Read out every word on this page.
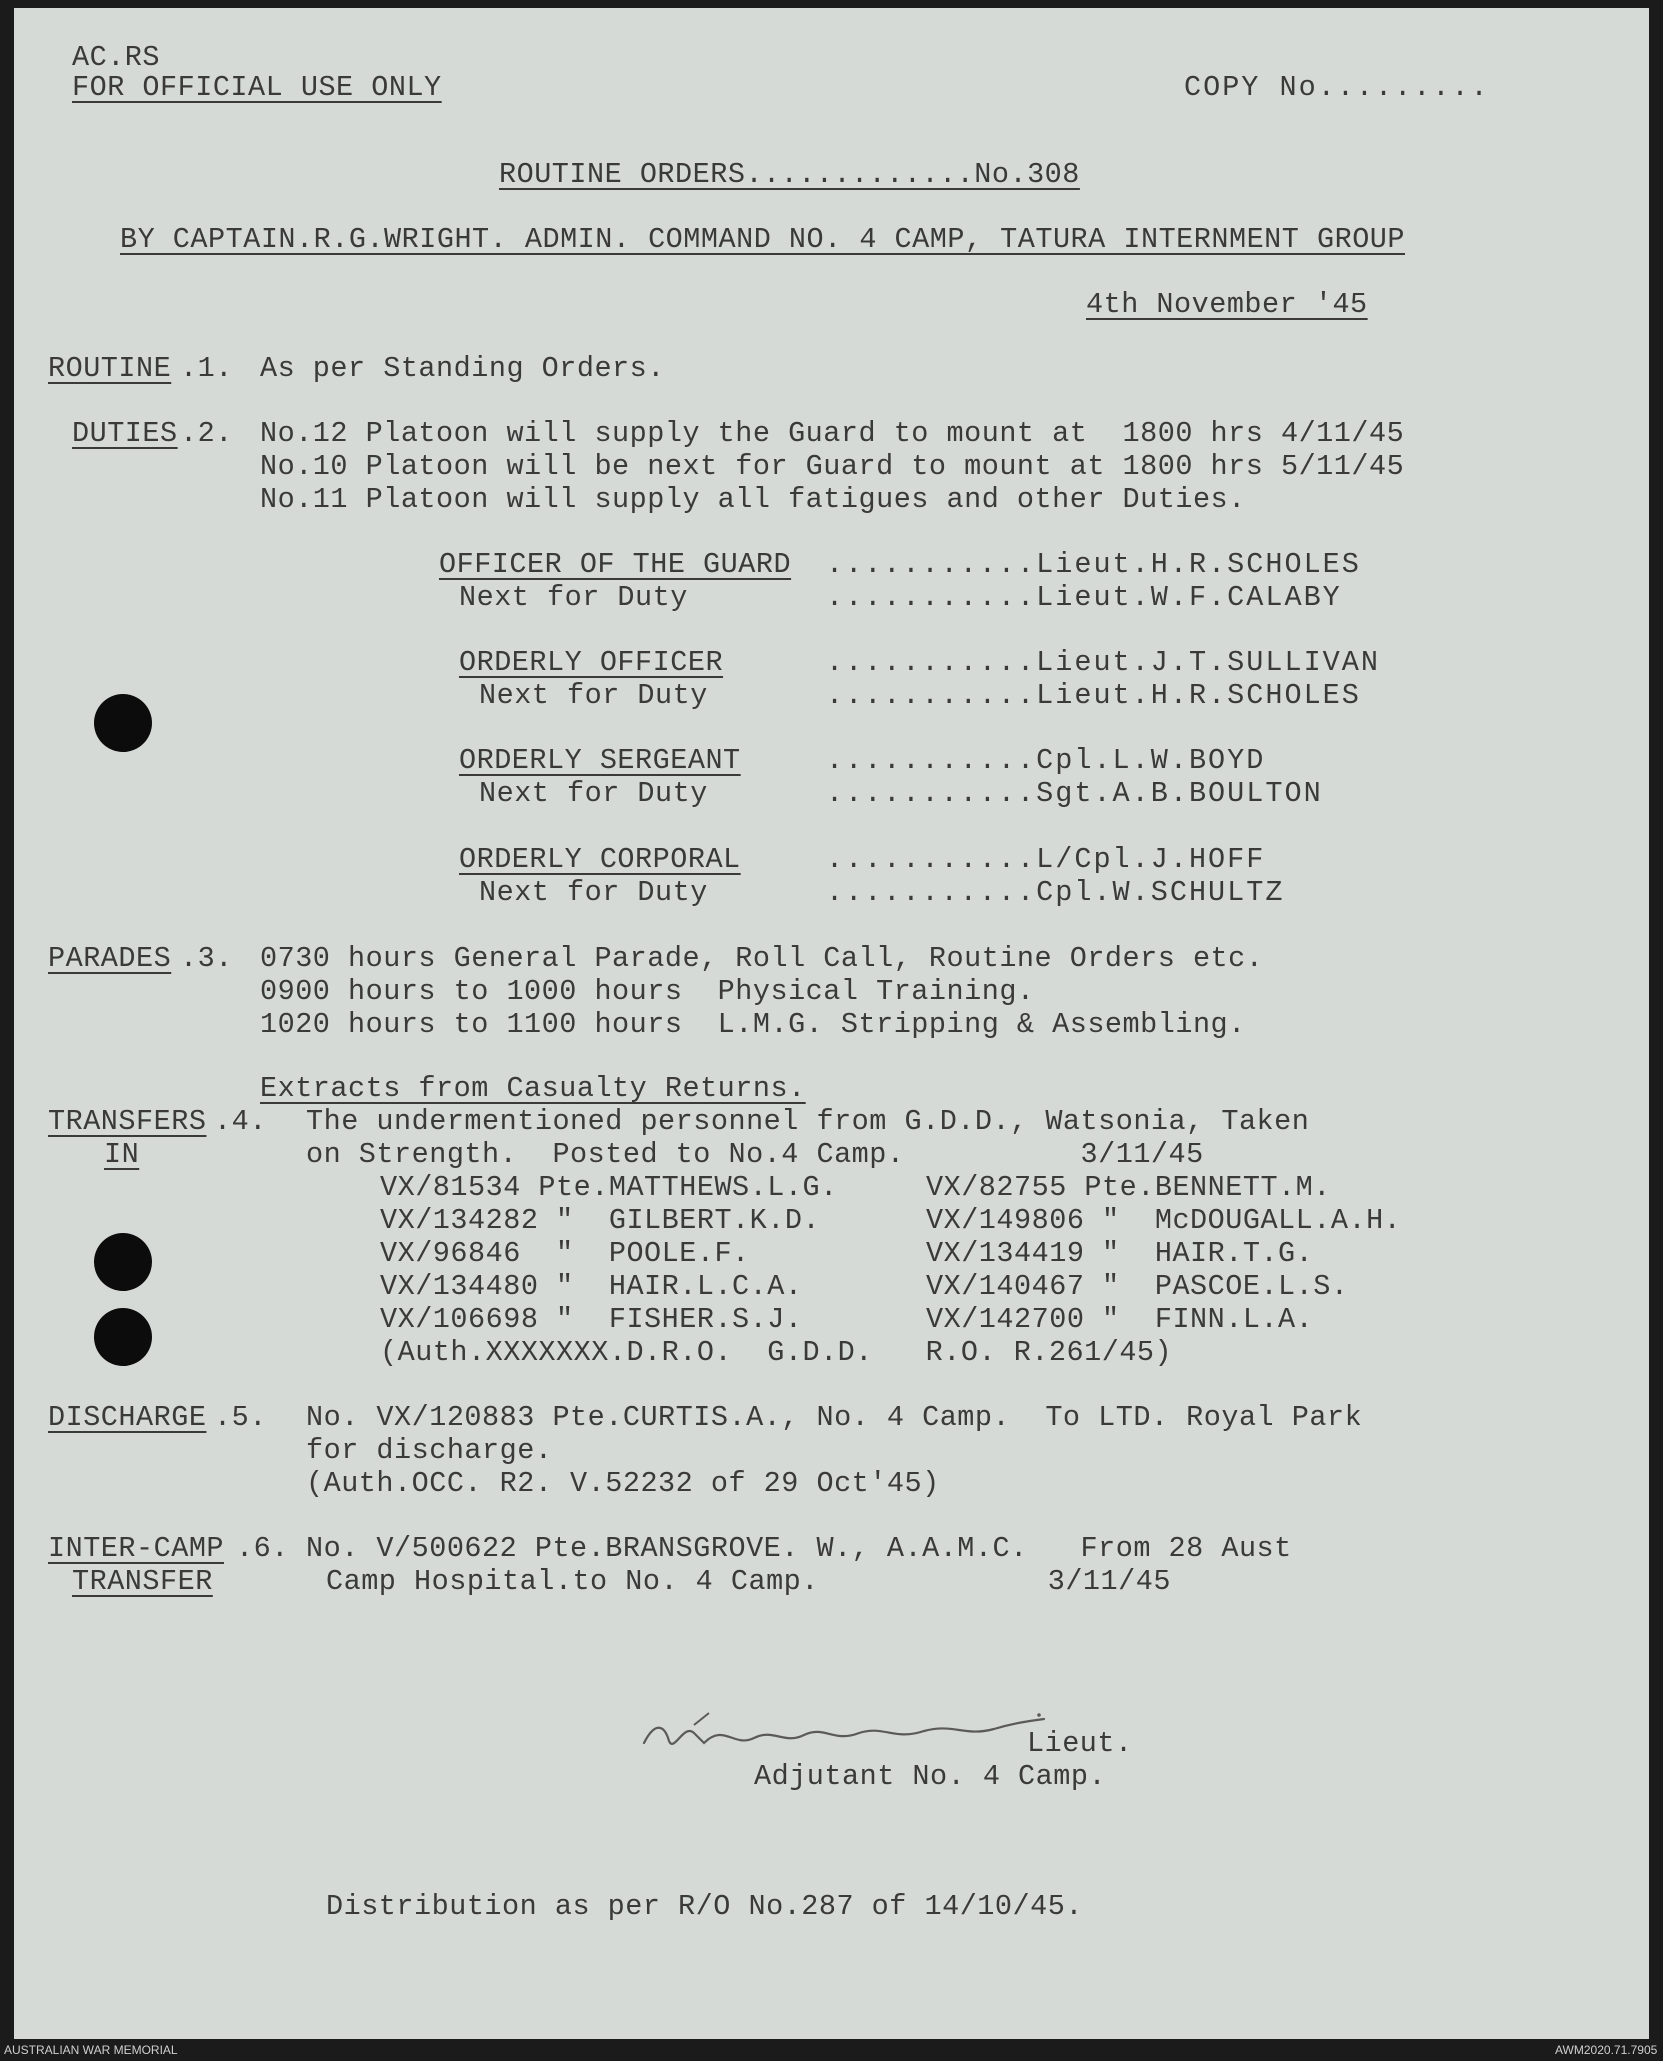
AC.RS
FOR OFFICIAL USE ONLY	COPY No.........
ROUTINE ORDERS.............No.308
BY CAPTAIN.R.G.WRIGHT. ADMIN. COMMAND NO. 4 CAMP, TATURA INTERNMENT GROUP
4th November '45
ROUTINE .1. As per Standing Orders.
DUTIES .2. No.12 Platoon will supply the Guard to mount at  1800 hrs 4/11/45
No.10 Platoon will be next for Guard to mount at 1800 hrs 5/11/45
No.11 Platoon will supply all fatigues and other Duties.
OFFICER OF THE GUARD ...........Lieut.H.R.SCHOLES
Next for Duty	...........Lieut.W.F.CALABY
ORDERLY OFFICER	...........Lieut.J.T.SULLIVAN
Next for Duty	...........Lieut.H.R.SCHOLES
ORDERLY SERGEANT	...........Cpl.L.W.BOYD
Next for Duty	...........Sgt.A.B.BOULTON
ORDERLY CORPORAL	...........L/Cpl.J.HOFF
Next for Duty	...........Cpl.W.SCHULTZ
PARADES .3. 0730 hours General Parade, Roll Call, Routine Orders etc.
0900 hours to 1000 hours  Physical Training.
1020 hours to 1100 hours  L.M.G. Stripping & Assembling.
Extracts from Casualty Returns.
TRANSFERS .4. The undermentioned personnel from G.D.D., Watsonia, Taken
IN	on Strength.  Posted to No.4 Camp.          3/11/45
VX/81534 Pte.MATTHEWS.L.G.	VX/82755 Pte.BENNETT.M.
VX/134282 "  GILBERT.K.D.	VX/149806 "  McDOUGALL.A.H.
VX/96846  "  POOLE.F.	VX/134419 "  HAIR.T.G.
VX/134480 "  HAIR.L.C.A.	VX/140467 "  PASCOE.L.S.
VX/106698 "  FISHER.S.J.	VX/142700 "  FINN.L.A.
(Auth.XXXXXXX.D.R.O.  G.D.D.   R.O. R.261/45)
DISCHARGE .5. No. VX/120883 Pte.CURTIS.A., No. 4 Camp.  To LTD. Royal Park
for discharge.
(Auth.OCC. R2. V.52232 of 29 Oct'45)
INTER-CAMP .6. No. V/500622 Pte.BRANSGROVE. W., A.A.M.C.   From 28 Aust
TRANSFER	Camp Hospital.to No. 4 Camp.             3/11/45
Lieut.
Adjutant No. 4 Camp.
Distribution as per R/O No.287 of 14/10/45.
AUSTRALIAN WAR MEMORIAL	AWM2020.71.7905
